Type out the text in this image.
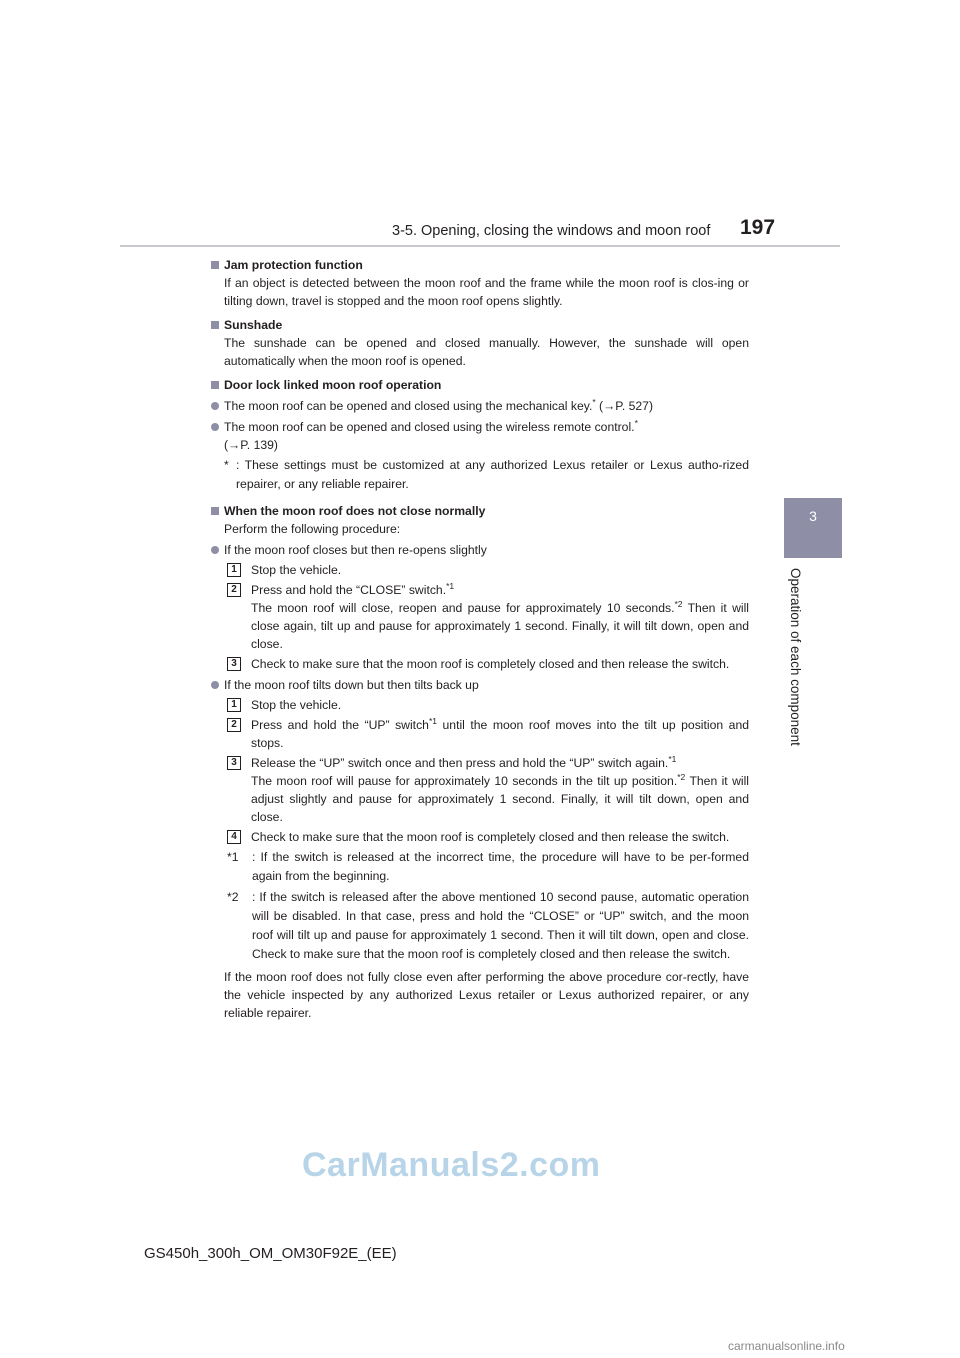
3-5. Opening, closing the windows and moon roof 197
3
Operation of each component
Jam protection function
If an object is detected between the moon roof and the frame while the moon roof is clos-ing or tilting down, travel is stopped and the moon roof opens slightly.
Sunshade
The sunshade can be opened and closed manually. However, the sunshade will open automatically when the moon roof is opened.
Door lock linked moon roof operation
The moon roof can be opened and closed using the mechanical key.* (→P. 527)
The moon roof can be opened and closed using the wireless remote control.*
(→P. 139)
* : These settings must be customized at any authorized Lexus retailer or Lexus autho-rized repairer, or any reliable repairer.
When the moon roof does not close normally
Perform the following procedure:
If the moon roof closes but then re-opens slightly
1	Stop the vehicle.
2	Press and hold the “CLOSE” switch.$^{*1}$
The moon roof will close, reopen and pause for approximately 10 seconds.$^{*2}$ Then it will close again, tilt up and pause for approximately 1 second. Finally, it will tilt down, open and close.
3	Check to make sure that the moon roof is completely closed and then release the switch.
If the moon roof tilts down but then tilts back up
1	Stop the vehicle.
2	Press and hold the “UP” switch$^{*1}$ until the moon roof moves into the tilt up position and stops.
3	Release the “UP” switch once and then press and hold the “UP” switch again.$^{*1}$
The moon roof will pause for approximately 10 seconds in the tilt up position.$^{*2}$ Then it will adjust slightly and pause for approximately 1 second. Finally, it will tilt down, open and close.
4	Check to make sure that the moon roof is completely closed and then release the switch.
*1 : If the switch is released at the incorrect time, the procedure will have to be per-formed again from the beginning.
*2 : If the switch is released after the above mentioned 10 second pause, automatic operation will be disabled. In that case, press and hold the “CLOSE” or “UP” switch, and the moon roof will tilt up and pause for approximately 1 second. Then it will tilt down, open and close. Check to make sure that the moon roof is completely closed and then release the switch.
If the moon roof does not fully close even after performing the above procedure cor-rectly, have the vehicle inspected by any authorized Lexus retailer or Lexus authorized repairer, or any reliable repairer.
CarManuals2.com
GS450h_300h_OM_OM30F92E_(EE)
carmanualsonline.info
